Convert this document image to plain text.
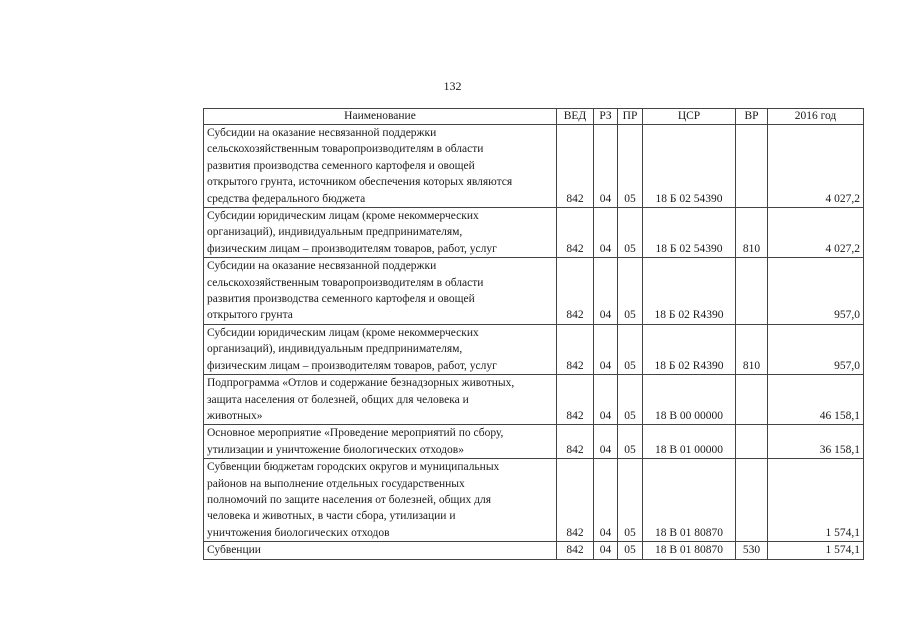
132
Наименование	ВЕД	РЗ	ПР	ЦСР	ВР	2016 год

Субсидии на оказание несвязанной поддержки
сельскохозяйственным товаропроизводителям в области
развития производства семенного картофеля и овощей
открытого грунта, источником обеспечения которых являются
средства федерального бюджета	842	04	05	18 Б 02 54390		4 027,2

Субсидии юридическим лицам (кроме некоммерческих
организаций), индивидуальным предпринимателям,
физическим лицам – производителям товаров, работ, услуг	842	04	05	18 Б 02 54390	810	4 027,2

Субсидии на оказание несвязанной поддержки
сельскохозяйственным товаропроизводителям в области
развития производства семенного картофеля и овощей
открытого грунта	842	04	05	18 Б 02 R4390		957,0

Субсидии юридическим лицам (кроме некоммерческих
организаций), индивидуальным предпринимателям,
физическим лицам – производителям товаров, работ, услуг	842	04	05	18 Б 02 R4390	810	957,0

Подпрограмма «Отлов и содержание безнадзорных животных,
защита населения от болезней, общих для человека и
животных»	842	04	05	18 В 00 00000		46 158,1

Основное мероприятие «Проведение мероприятий по сбору,
утилизации и уничтожение биологических отходов»	842	04	05	18 В 01 00000		36 158,1

Субвенции бюджетам городских округов и муниципальных
районов на выполнение отдельных государственных
полномочий по защите населения от болезней, общих для
человека и животных, в части сбора, утилизации и
уничтожения биологических отходов	842	04	05	18 В 01 80870		1 574,1

Субвенции	842	04	05	18 В 01 80870	530	1 574,1
